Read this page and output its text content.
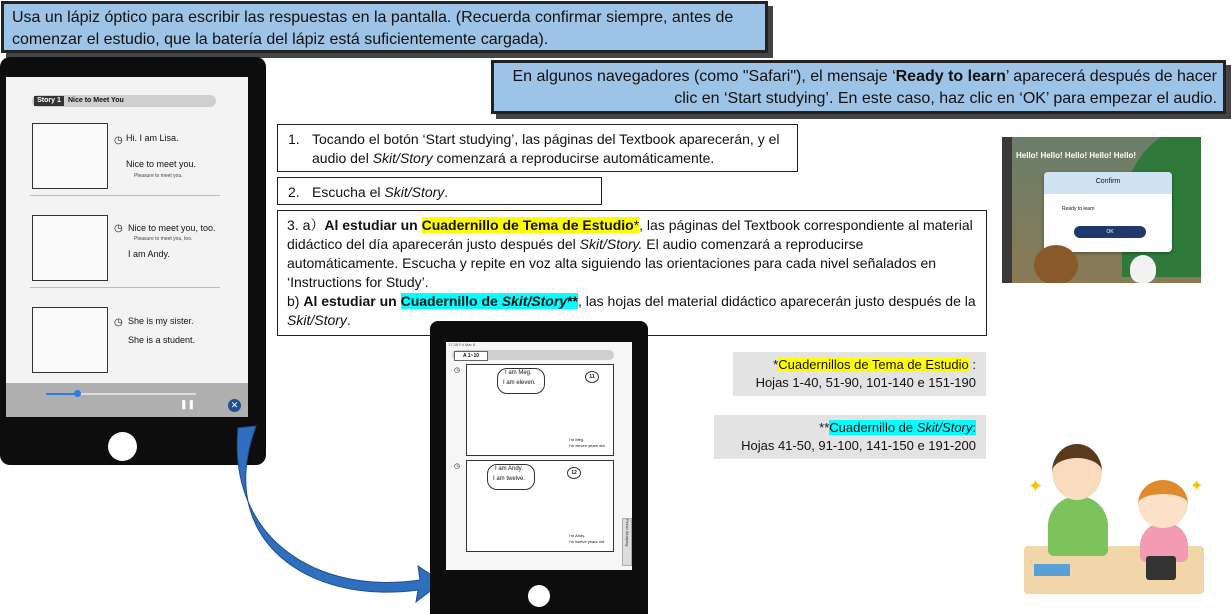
Usa un lápiz óptico para escribir las respuestas en la pantalla. (Recuerda confirmar siempre, antes de comenzar el estudio, que la batería del lápiz está suficientemente cargada).
En algunos navegadores (como "Safari"), el mensaje ‘Ready to learn’ aparecerá después de hacer clic en ‘Start studying’. En este caso, haz clic en ‘OK’ para empezar el audio.
Story 1	Nice to Meet You
◷ Hi. I am Lisa.
Nice to meet you.
Pleasure to meet you.
◷ Nice to meet you, too.
Pleasure to meet you, too.
I am Andy.
◷ She is my sister.
She is a student.
❚❚	✕
1. Tocando el botón ‘Start studying’, las páginas del Textbook aparecerán, y el audio del Skit/Story comenzará a reproducirse automáticamente.
2. Escucha el Skit/Story.
3. a）Al estudiar un Cuadernillo de Tema de Estudio*, las páginas del Textbook correspondiente al material didáctico del día aparecerán justo después del Skit/Story. El audio comenzará a reproducirse automáticamente. Escucha y repite en voz alta siguiendo las orientaciones para cada nivel señalados en ‘Instructions for Study’.
b) Al estudiar un Cuadernillo de Skit/Story**, las hojas del material didáctico aparecerán justo después de la Skit/Story.
17:38 Fri Mar 8
A 1~10
I am Meg.
I am eleven.
11
I'm Meg.
I'm eleven years old.
◷
I am Andy.
I am twelve.
12
I'm Andy.
I'm twelve years old.
◷
Finish Studying
*Cuadernillos de Tema de Estudio :
Hojas 1-40, 51-90, 101-140 e 151-190
**Cuadernillo de Skit/Story:
Hojas 41-50, 91-100, 141-150 e 191-200
Hello! Hello! Hello! Hello! Hello!
Confirm
Ready to learn
OK
✦	✦
